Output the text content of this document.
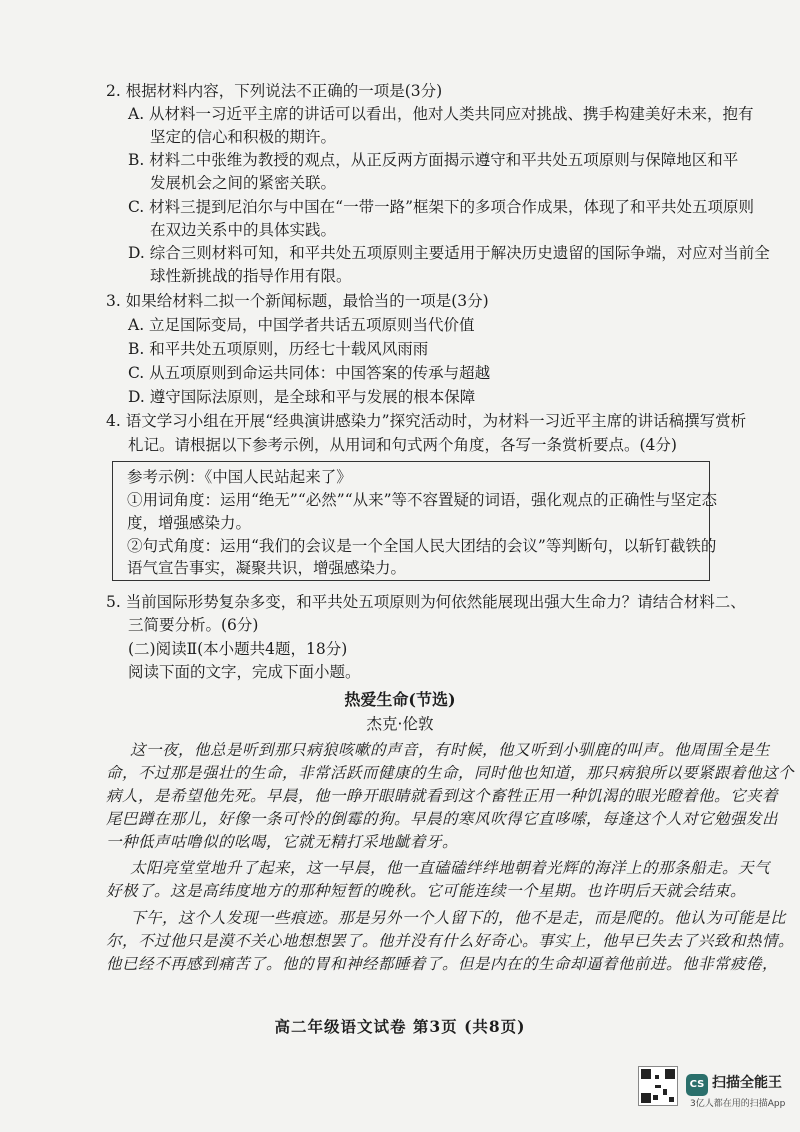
2. 根据材料内容，下列说法不正确的一项是(3分)
A. 从材料一习近平主席的讲话可以看出，他对人类共同应对挑战、携手构建美好未来，抱有
坚定的信心和积极的期许。
B. 材料二中张维为教授的观点，从正反两方面揭示遵守和平共处五项原则与保障地区和平
发展机会之间的紧密关联。
C. 材料三提到尼泊尔与中国在“一带一路”框架下的多项合作成果，体现了和平共处五项原则
在双边关系中的具体实践。
D. 综合三则材料可知，和平共处五项原则主要适用于解决历史遗留的国际争端，对应对当前全
球性新挑战的指导作用有限。
3. 如果给材料二拟一个新闻标题，最恰当的一项是(3分)
A. 立足国际变局，中国学者共话五项原则当代价值
B. 和平共处五项原则，历经七十载风风雨雨
C. 从五项原则到命运共同体：中国答案的传承与超越
D. 遵守国际法原则，是全球和平与发展的根本保障
4. 语文学习小组在开展“经典演讲感染力”探究活动时，为材料一习近平主席的讲话稿撰写赏析
札记。请根据以下参考示例，从用词和句式两个角度，各写一条赏析要点。(4分)
参考示例：《中国人民站起来了》
①用词角度：运用“绝无”“必然”“从来”等不容置疑的词语，强化观点的正确性与坚定态
度，增强感染力。
②句式角度：运用“我们的会议是一个全国人民大团结的会议”等判断句，以斩钉截铁的
语气宣告事实，凝聚共识，增强感染力。
5. 当前国际形势复杂多变，和平共处五项原则为何依然能展现出强大生命力？请结合材料二、
三简要分析。(6分)
(二)阅读Ⅱ(本小题共4题，18分)
阅读下面的文字，完成下面小题。
热爱生命(节选)
杰克·伦敦
这一夜，他总是听到那只病狼咳嗽的声音，有时候，他又听到小驯鹿的叫声。他周围全是生
命，不过那是强壮的生命，非常活跃而健康的生命，同时他也知道，那只病狼所以要紧跟着他这个
病人，是希望他先死。早晨，他一睁开眼睛就看到这个畜牲正用一种饥渴的眼光瞪着他。它夹着
尾巴蹲在那儿，好像一条可怜的倒霉的狗。早晨的寒风吹得它直哆嗦，每逢这个人对它勉强发出
一种低声咕噜似的吆喝，它就无精打采地龇着牙。
太阳亮堂堂地升了起来，这一早晨，他一直磕磕绊绊地朝着光辉的海洋上的那条船走。天气
好极了。这是高纬度地方的那种短暂的晚秋。它可能连续一个星期。也许明后天就会结束。
下午，这个人发现一些痕迹。那是另外一个人留下的，他不是走，而是爬的。他认为可能是比
尔，不过他只是漠不关心地想想罢了。他并没有什么好奇心。事实上，他早已失去了兴致和热情。
他已经不再感到痛苦了。他的胃和神经都睡着了。但是内在的生命却逼着他前进。他非常疲倦，
高二年级语文试卷 第3页 (共8页)
CS 扫描全能王
3亿人都在用的扫描App
